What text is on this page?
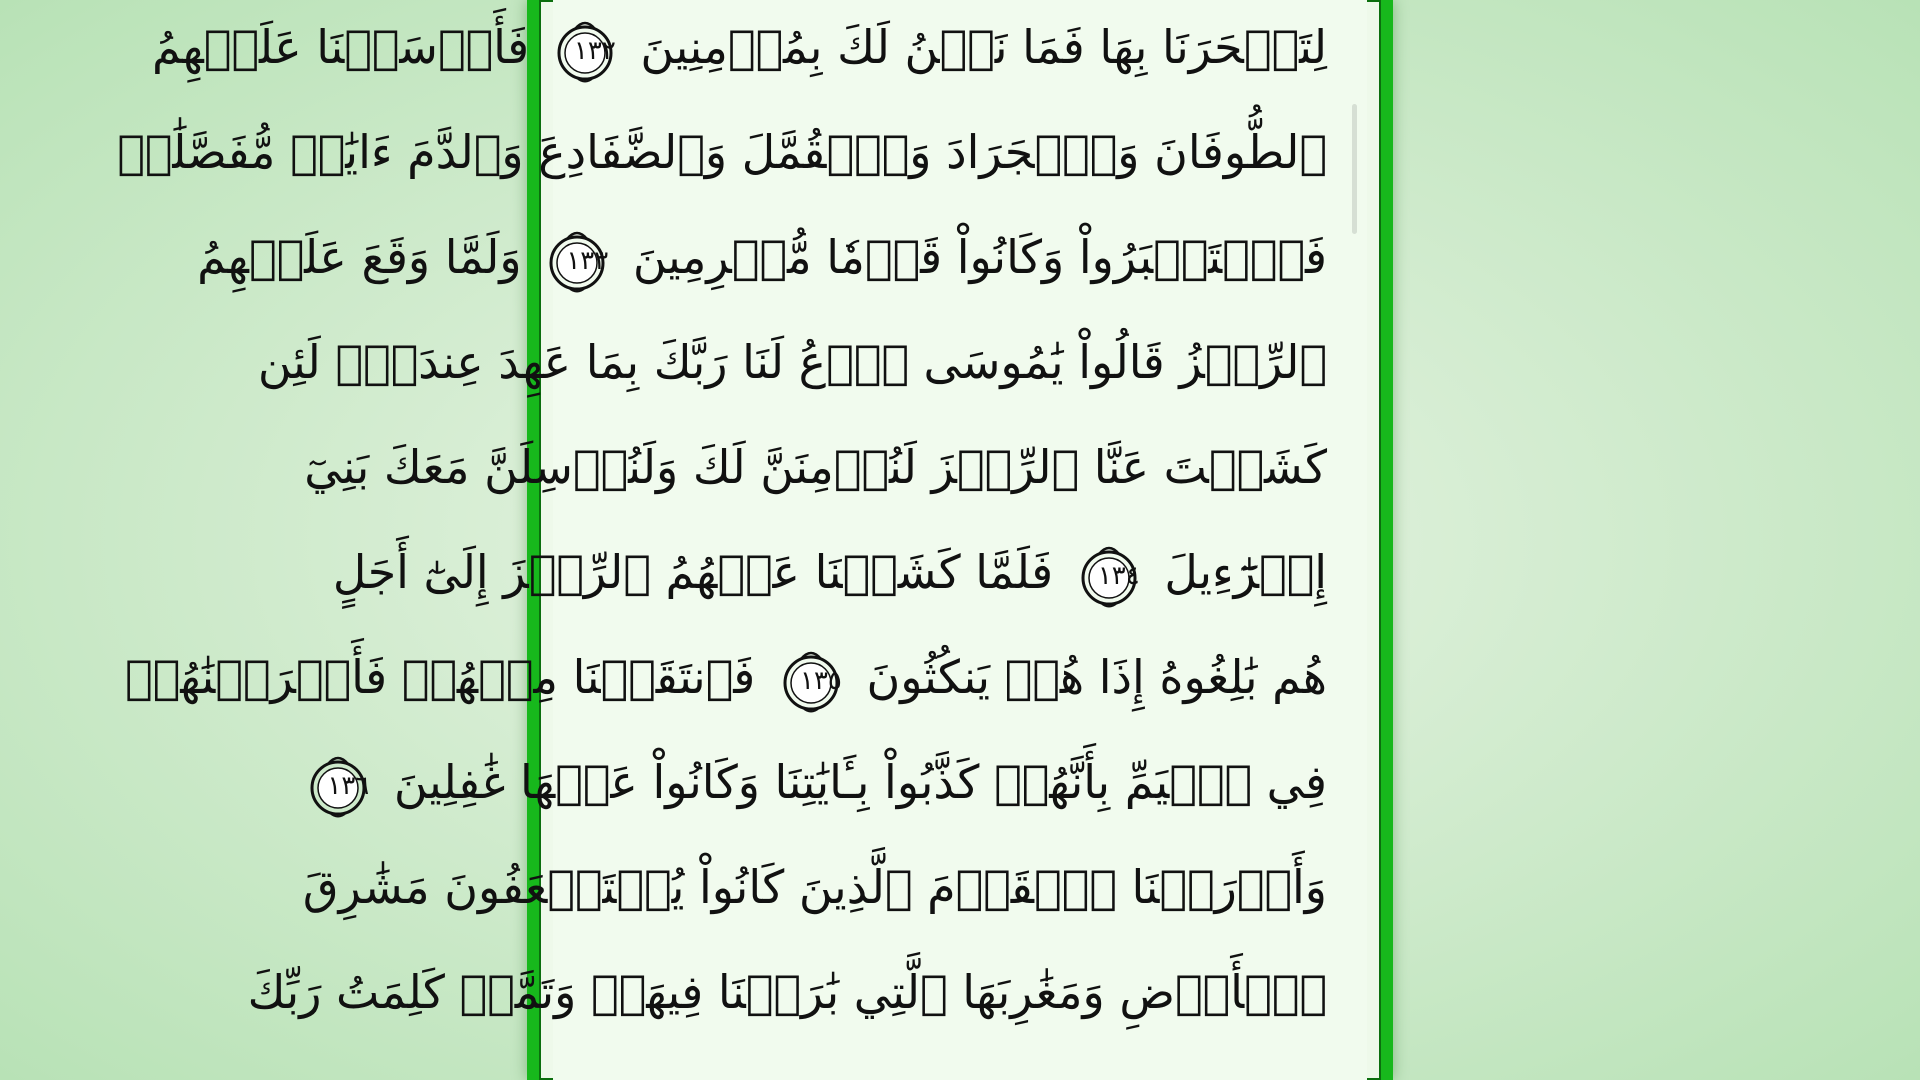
لِتَسۡحَرَنَا بِهَا فَمَا نَحۡنُ لَكَ بِمُؤۡمِنِينَ
١٣٢
فَأَرۡسَلۡنَا عَلَيۡهِمُ
ٱلطُّوفَانَ وَٱلۡجَرَادَ وَٱلۡقُمَّلَ وَٱلضَّفَادِعَ وَٱلدَّمَ ءَايَٰتٖ مُّفَصَّلَٰتٖ
فَٱسۡتَكۡبَرُواْ وَكَانُواْ قَوۡمٗا مُّجۡرِمِينَ
١٣٣
وَلَمَّا وَقَعَ عَلَيۡهِمُ
ٱلرِّجۡزُ قَالُواْ يَٰمُوسَى ٱدۡعُ لَنَا رَبَّكَ بِمَا عَهِدَ عِندَكَۖ لَئِن
كَشَفۡتَ عَنَّا ٱلرِّجۡزَ لَنُؤۡمِنَنَّ لَكَ وَلَنُرۡسِلَنَّ مَعَكَ بَنِيٓ
إِسۡرَٰٓءِيلَ
١٣٤
فَلَمَّا كَشَفۡنَا عَنۡهُمُ ٱلرِّجۡزَ إِلَىٰٓ أَجَلٍ
هُم بَٰلِغُوهُ إِذَا هُمۡ يَنكُثُونَ
١٣٥
فَٱنتَقَمۡنَا مِنۡهُمۡ فَأَغۡرَقۡنَٰهُمۡ
فِي ٱلۡيَمِّ بِأَنَّهُمۡ كَذَّبُواْ بِـَٔايَٰتِنَا وَكَانُواْ عَنۡهَا غَٰفِلِينَ
١٣٦
وَأَوۡرَثۡنَا ٱلۡقَوۡمَ ٱلَّذِينَ كَانُواْ يُسۡتَضۡعَفُونَ مَشَٰرِقَ
ٱلۡأَرۡضِ وَمَغَٰرِبَهَا ٱلَّتِي بَٰرَكۡنَا فِيهَاۖ وَتَمَّتۡ كَلِمَتُ رَبِّكَ
